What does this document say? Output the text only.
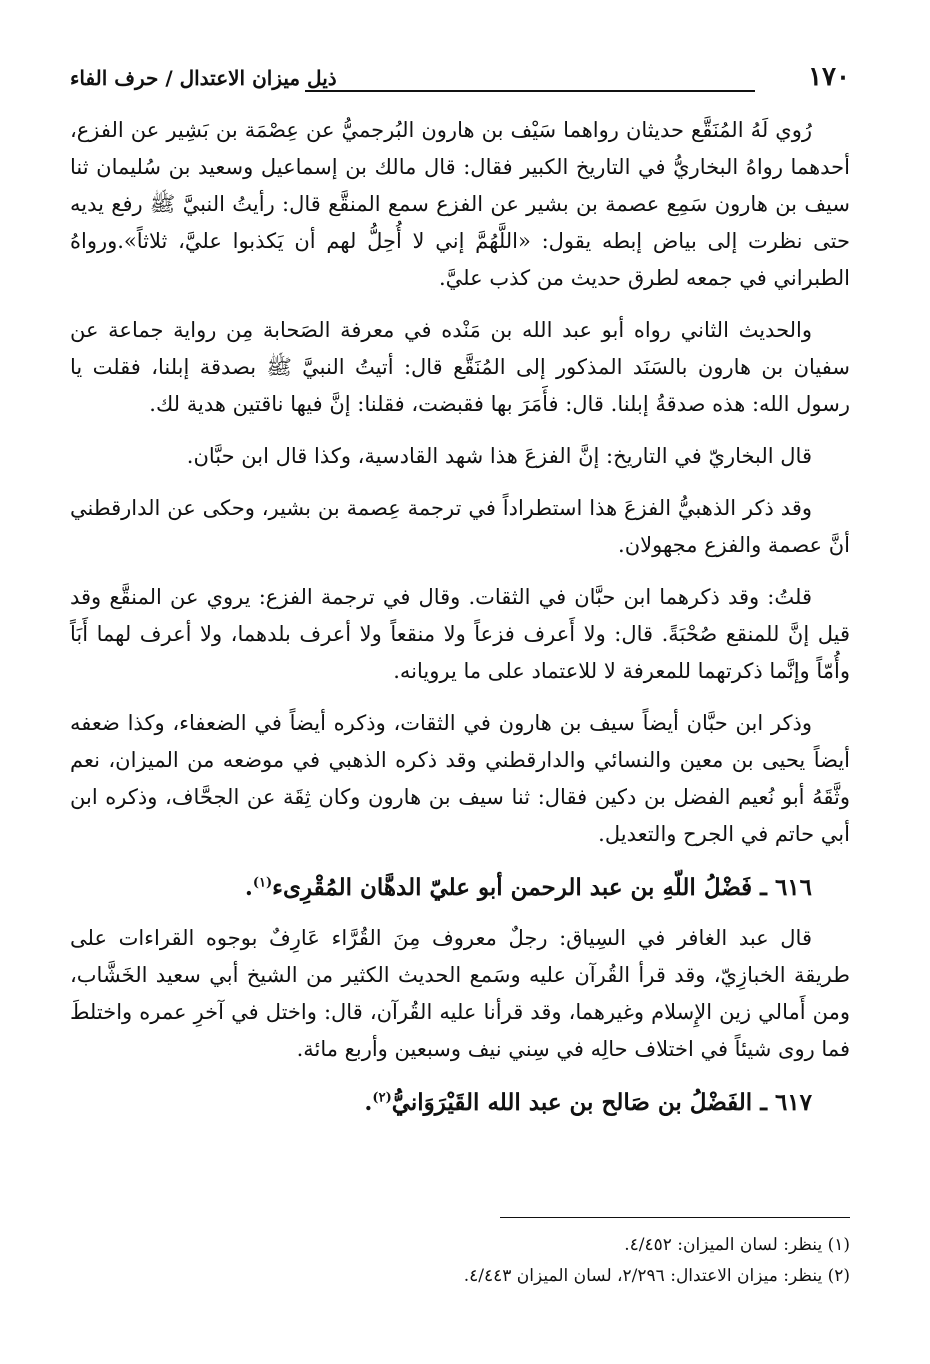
١٧٠
ذيل ميزان الاعتدال / حرف الفاء

رُوي لَهُ المُنَقَّع حديثان رواهما سَيْف بن هارون البُرجميُّ عن عِصْمَة بن بَشِير عن الفزع، أحدهما رواهُ البخاريُّ في التاريخ الكبير فقال: قال مالك بن إسماعيل وسعيد بن سُليمان ثنا سيف بن هارون سَمِع عصمة بن بشير عن الفزع سمع المنقَّع قال: رأيتُ النبيَّ ﷺ رفع يديه حتى نظرت إلى بياض إبطه يقول: «اللَّهُمَّ إني لا أُحِلُّ لهم أن يَكذبوا عليَّ، ثلاثاً».ورواهُ الطبراني في جمعه لطرق حديث من كذب عليَّ.

والحديث الثاني رواه أبو عبد الله بن مَنْده في معرفة الصَحابة مِن رواية جماعة عن سفيان بن هارون بالسَنَد المذكور إلى المُنَقَّع قال: أتيتُ النبيَّ ﷺ بصدقة إبلنا، فقلت يا رسول الله: هذه صدقةُ إبلنا. قال: فأَمَرَ بها فقبضت، فقلنا: إنَّ فيها ناقتين هدية لك.

قال البخاريّ في التاريخ: إنَّ الفزعَ هذا شهد القادسية، وكذا قال ابن حبَّان.

وقد ذكر الذهبيُّ الفزعَ هذا استطراداً في ترجمة عِصمة بن بشير، وحكى عن الدارقطني أنَّ عصمة والفزع مجهولان.

قلتُ: وقد ذكرهما ابن حبَّان في الثقات. وقال في ترجمة الفزع: يروي عن المنقَّع وقد قيل إنَّ للمنقع صُحْبَةً. قال: ولا أَعرف فزعاً ولا منقعاً ولا أعرف بلدهما، ولا أعرف لهما أَبَاً وأُمّاً وإنَّما ذكرتهما للمعرفة لا للاعتماد على ما يرويانه.

وذكر ابن حبَّان أيضاً سيف بن هارون في الثقات، وذكره أيضاً في الضعفاء، وكذا ضعفه أيضاً يحيى بن معين والنسائي والدارقطني وقد ذكره الذهبي في موضعه من الميزان، نعم وثَّقَهُ أبو نُعيم الفضل بن دكين فقال: ثنا سيف بن هارون وكان ثِقَة عن الجحَّاف، وذكره ابن أبي حاتم في الجرح والتعديل.

٦١٦ ـ فَضْلُ اللّهِ بن عبد الرحمن أبو عليّ الدهَّان المُقْرِىء$^{(١)}$.

قال عبد الغافر في السِياق: رجلٌ معروف مِنَ القُرَّاء عَارِفٌ بوجوه القراءات على طريقة الخبازِيّ، وقد قرأ القُرآن عليه وسَمع الحديث الكثير من الشيخ أبي سعيد الخَشَّاب، ومن أَمالي زين الإِسلام وغيرهما، وقد قرأنا عليه القُرآن، قال: واختل في آخرِ عمره واختلطَ فما روى شيئاً في اختلاف حالِه في سِني نيف وسبعين وأربع مائة.

٦١٧ ـ الفَضْلُ بن صَالح بن عبد الله القَيْرَوَانيُّ$^{(٢)}$.

(١) ينظر: لسان الميزان: ٤/٤٥٢.

(٢) ينظر: ميزان الاعتدال: ٢/٢٩٦، لسان الميزان ٤/٤٤٣.
